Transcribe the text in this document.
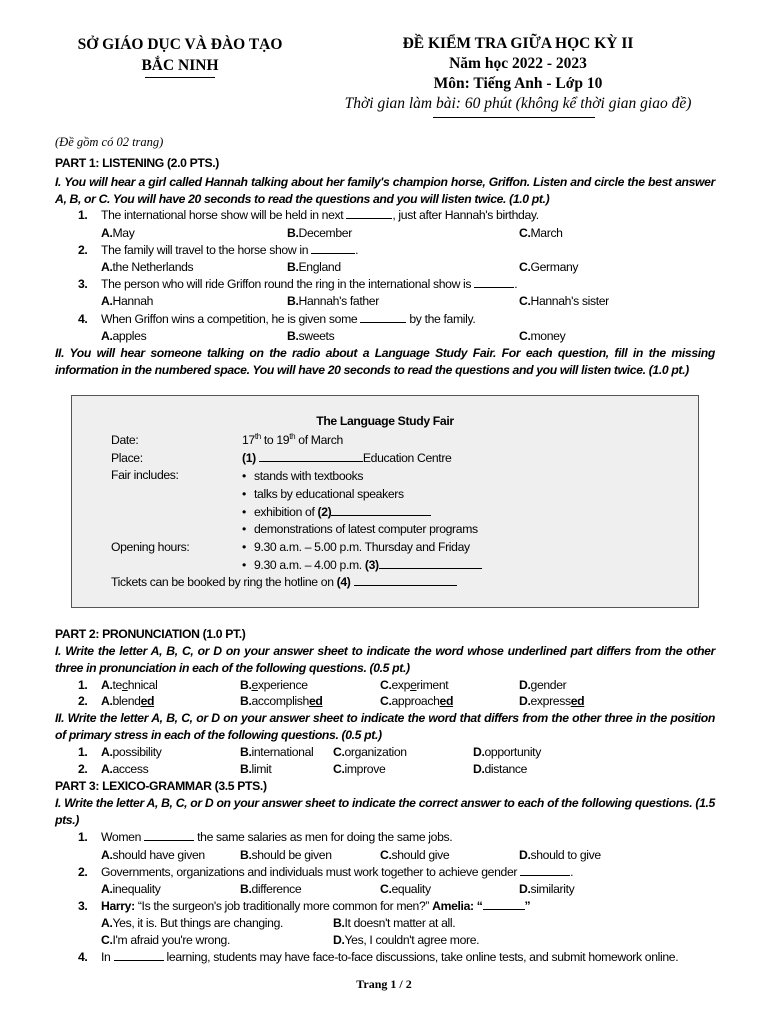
SỞ GIÁO DỤC VÀ ĐÀO TẠO
BẮC NINH
ĐỀ KIỂM TRA GIỮA HỌC KỲ II
Năm học 2022 - 2023
Môn: Tiếng Anh - Lớp 10
Thời gian làm bài: 60 phút (không kể thời gian giao đề)
(Đề gồm có 02 trang)
PART 1: LISTENING (2.0 PTS.)
I. You will hear a girl called Hannah talking about her family's champion horse, Griffon. Listen and circle the best answer A, B, or C. You will have 20 seconds to read the questions and you will listen twice. (1.0 pt.)
1. The international horse show will be held in next	, just after Hannah's birthday.
A.May	B.December	C.March
2. The family will travel to the horse show in	.
A.the Netherlands	B.England	C.Germany
3. The person who will ride Griffon round the ring in the international show is	.
A.Hannah	B.Hannah's father	C.Hannah's sister
4. When Griffon wins a competition, he is given some	by the family.
A.apples	B.sweets	C.money
II. You will hear someone talking on the radio about a Language Study Fair. For each question, fill in the missing information in the numbered space. You will have 20 seconds to read the questions and you will listen twice. (1.0 pt.)
The Language Study Fair
Date:	17th to 19th of March
Place:	(1)	Education Centre
Fair includes:	• stands with textbooks
• talks by educational speakers
• exhibition of (2)
• demonstrations of latest computer programs
Opening hours:	• 9.30 a.m. – 5.00 p.m. Thursday and Friday
• 9.30 a.m. – 4.00 p.m. (3)
Tickets can be booked by ring the hotline on (4)
PART 2: PRONUNCIATION (1.0 PT.)
I. Write the letter A, B, C, or D on your answer sheet to indicate the word whose underlined part differs from the other three in pronunciation in each of the following questions. (0.5 pt.)
1. A.technical	B.experience	C.experiment	D.gender
2. A.blended	B.accomplished	C.approached	D.expressed
II. Write the letter A, B, C, or D on your answer sheet to indicate the word that differs from the other three in the position of primary stress in each of the following questions. (0.5 pt.)
1. A.possibility	B.international C.organization	D.opportunity
2. A.access	B.limit	C.improve	D.distance
PART 3: LEXICO-GRAMMAR (3.5 PTS.)
I. Write the letter A, B, C, or D on your answer sheet to indicate the correct answer to each of the following questions. (1.5 pts.)
1. Women	the same salaries as men for doing the same jobs.
A.should have given	B.should be given	C.should give	D.should to give
2. Governments, organizations and individuals must work together to achieve gender	.
A.inequality	B.difference	C.equality	D.similarity
3. Harry: “Is the surgeon's job traditionally more common for men?” Amelia: “	”
A.Yes, it is. But things are changing.	B.It doesn't matter at all.
C.I'm afraid you're wrong.	D.Yes, I couldn't agree more.
4. In	learning, students may have face-to-face discussions, take online tests, and submit homework online.
Trang 1 / 2
